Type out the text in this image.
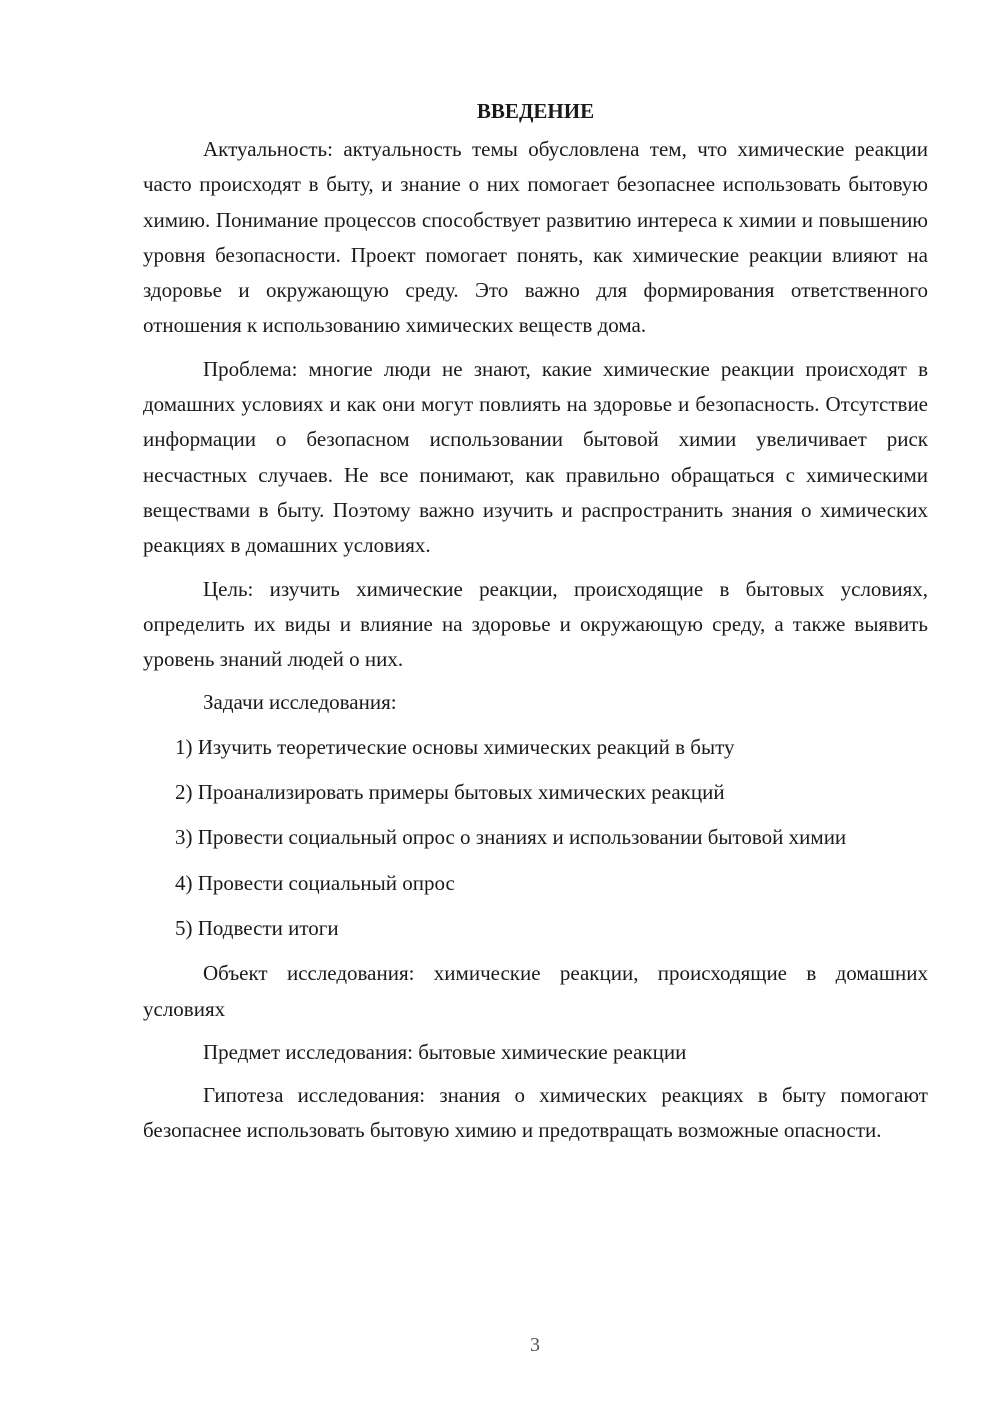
ВВЕДЕНИЕ

Актуальность: актуальность темы обусловлена тем, что химические реакции часто происходят в быту, и знание о них помогает безопаснее использовать бытовую химию. Понимание процессов способствует развитию интереса к химии и повышению уровня безопасности. Проект помогает понять, как химические реакции влияют на здоровье и окружающую среду. Это важно для формирования ответственного отношения к использованию химических веществ дома.

Проблема: многие люди не знают, какие химические реакции происходят в домашних условиях и как они могут повлиять на здоровье и безопасность. Отсутствие информации о безопасном использовании бытовой химии увеличивает риск несчастных случаев. Не все понимают, как правильно обращаться с химическими веществами в быту. Поэтому важно изучить и распространить знания о химических реакциях в домашних условиях.

Цель: изучить химические реакции, происходящие в бытовых условиях, определить их виды и влияние на здоровье и окружающую среду, а также выявить уровень знаний людей о них.

Задачи исследования:

1) Изучить теоретические основы химических реакций в быту

2) Проанализировать примеры бытовых химических реакций

3) Провести социальный опрос о знаниях и использовании бытовой химии

4) Провести социальный опрос

5) Подвести итоги

Объект исследования: химические реакции, происходящие в домашних условиях

Предмет исследования: бытовые химические реакции

Гипотеза исследования: знания о химических реакциях в быту помогают безопаснее использовать бытовую химию и предотвращать возможные опасности.

3
